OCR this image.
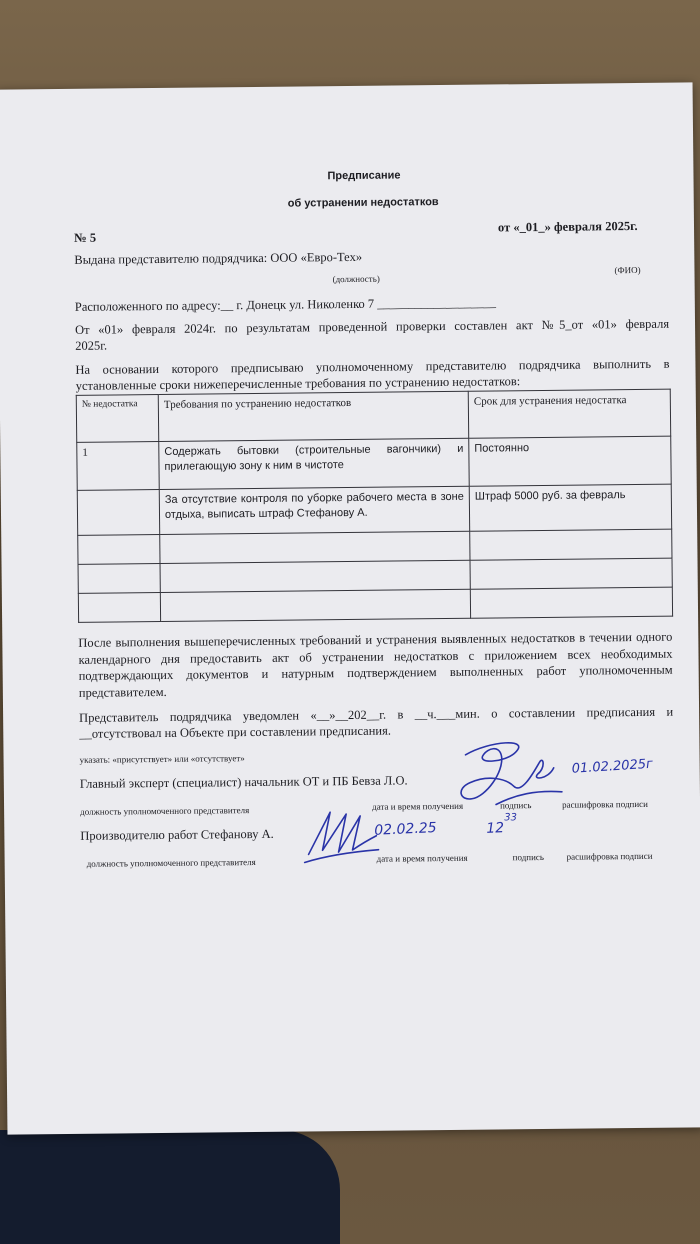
Предписание
об устранении недостатков
№ 5
от «_01_» февраля 2025г.
Выдана представителю подрядчика: ООО «Евро-Тех»
(должность)
(ФИО)
Расположенного по адресу:__ г. Донецк ул. Николенко 7 ___________________
От «01» февраля 2024г. по результатам проведенной проверки составлен акт №5_от «01» февраля
2025г.
На основании которого предписываю уполномоченному представителю подрядчика выполнить в
установленные сроки нижеперечисленные требования по устранению недостатков:
№ недостатка	Требования по устранению недостатков	Срок для устранения недостатка
1	Содержать бытовки (строительные вагончики) и прилегающую зону к ним в чистоте	Постоянно
	За отсутствие контроля по уборке рабочего места в зоне отдыха, выписать штраф Стефанову А.	Штраф 5000 руб. за февраль

После выполнения вышеперечисленных требований и устранения выявленных недостатков в течении одного календарного дня предоставить акт об устранении недостатков с приложением всех необходимых подтверждающих документов и натурным подтверждением выполненных работ уполномоченным представителем.
Представитель подрядчика уведомлен «__»__202__г. в __ч.___мин. о составлении предписания и
__отсутствовал на Объекте при составлении предписания.
указать: «присутствует» или «отсутствует»
Главный эксперт (специалист) начальник ОТ и ПБ Бевза Л.О.
должность уполномоченного представителя	дата и время получения	подпись	расшифровка подписи
01.02.2025г
Производителю работ Стефанову А.
должность уполномоченного представителя	дата и время получения	подпись	расшифровка подписи
02.02.25	12
33
